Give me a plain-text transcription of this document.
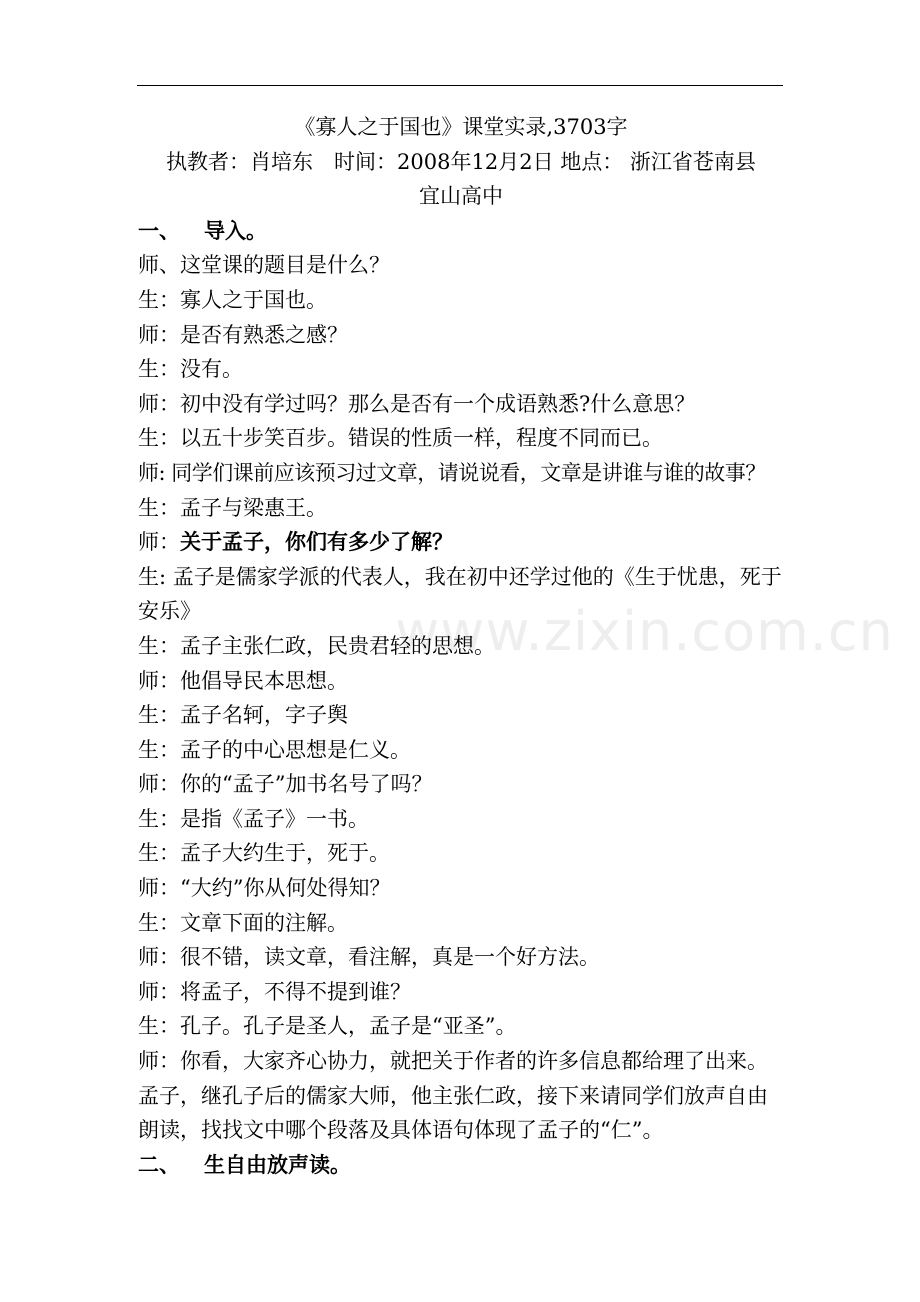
www.zixin.com.cn
《寡人之于国也》课堂实录,3703字
执教者：肖培东　时间：2008年12月2日 地点： 浙江省苍南县
宜山高中
一、 导入。
师、这堂课的题目是什么？
生：寡人之于国也。
师：是否有熟悉之感？
生：没有。
师：初中没有学过吗？那么是否有一个成语熟悉?什么意思？
生：以五十步笑百步。错误的性质一样，程度不同而已。
师: 同学们课前应该预习过文章，请说说看，文章是讲谁与谁的故事？
生：孟子与梁惠王。
师：关于孟子，你们有多少了解？
生: 孟子是儒家学派的代表人，我在初中还学过他的《生于忧患，死于安乐》
生：孟子主张仁政，民贵君轻的思想。
师：他倡导民本思想。
生：孟子名轲，字子舆
生：孟子的中心思想是仁义。
师：你的“孟子”加书名号了吗？
生：是指《孟子》一书。
生：孟子大约生于，死于。
师：“大约”你从何处得知？
生：文章下面的注解。
师：很不错，读文章，看注解，真是一个好方法。
师：将孟子，不得不提到谁？
生：孔子。孔子是圣人，孟子是“亚圣”。
师：你看，大家齐心协力，就把关于作者的许多信息都给理了出来。孟子，继孔子后的儒家大师，他主张仁政，接下来请同学们放声自由朗读，找找文中哪个段落及具体语句体现了孟子的“仁”。
二、 生自由放声读。
